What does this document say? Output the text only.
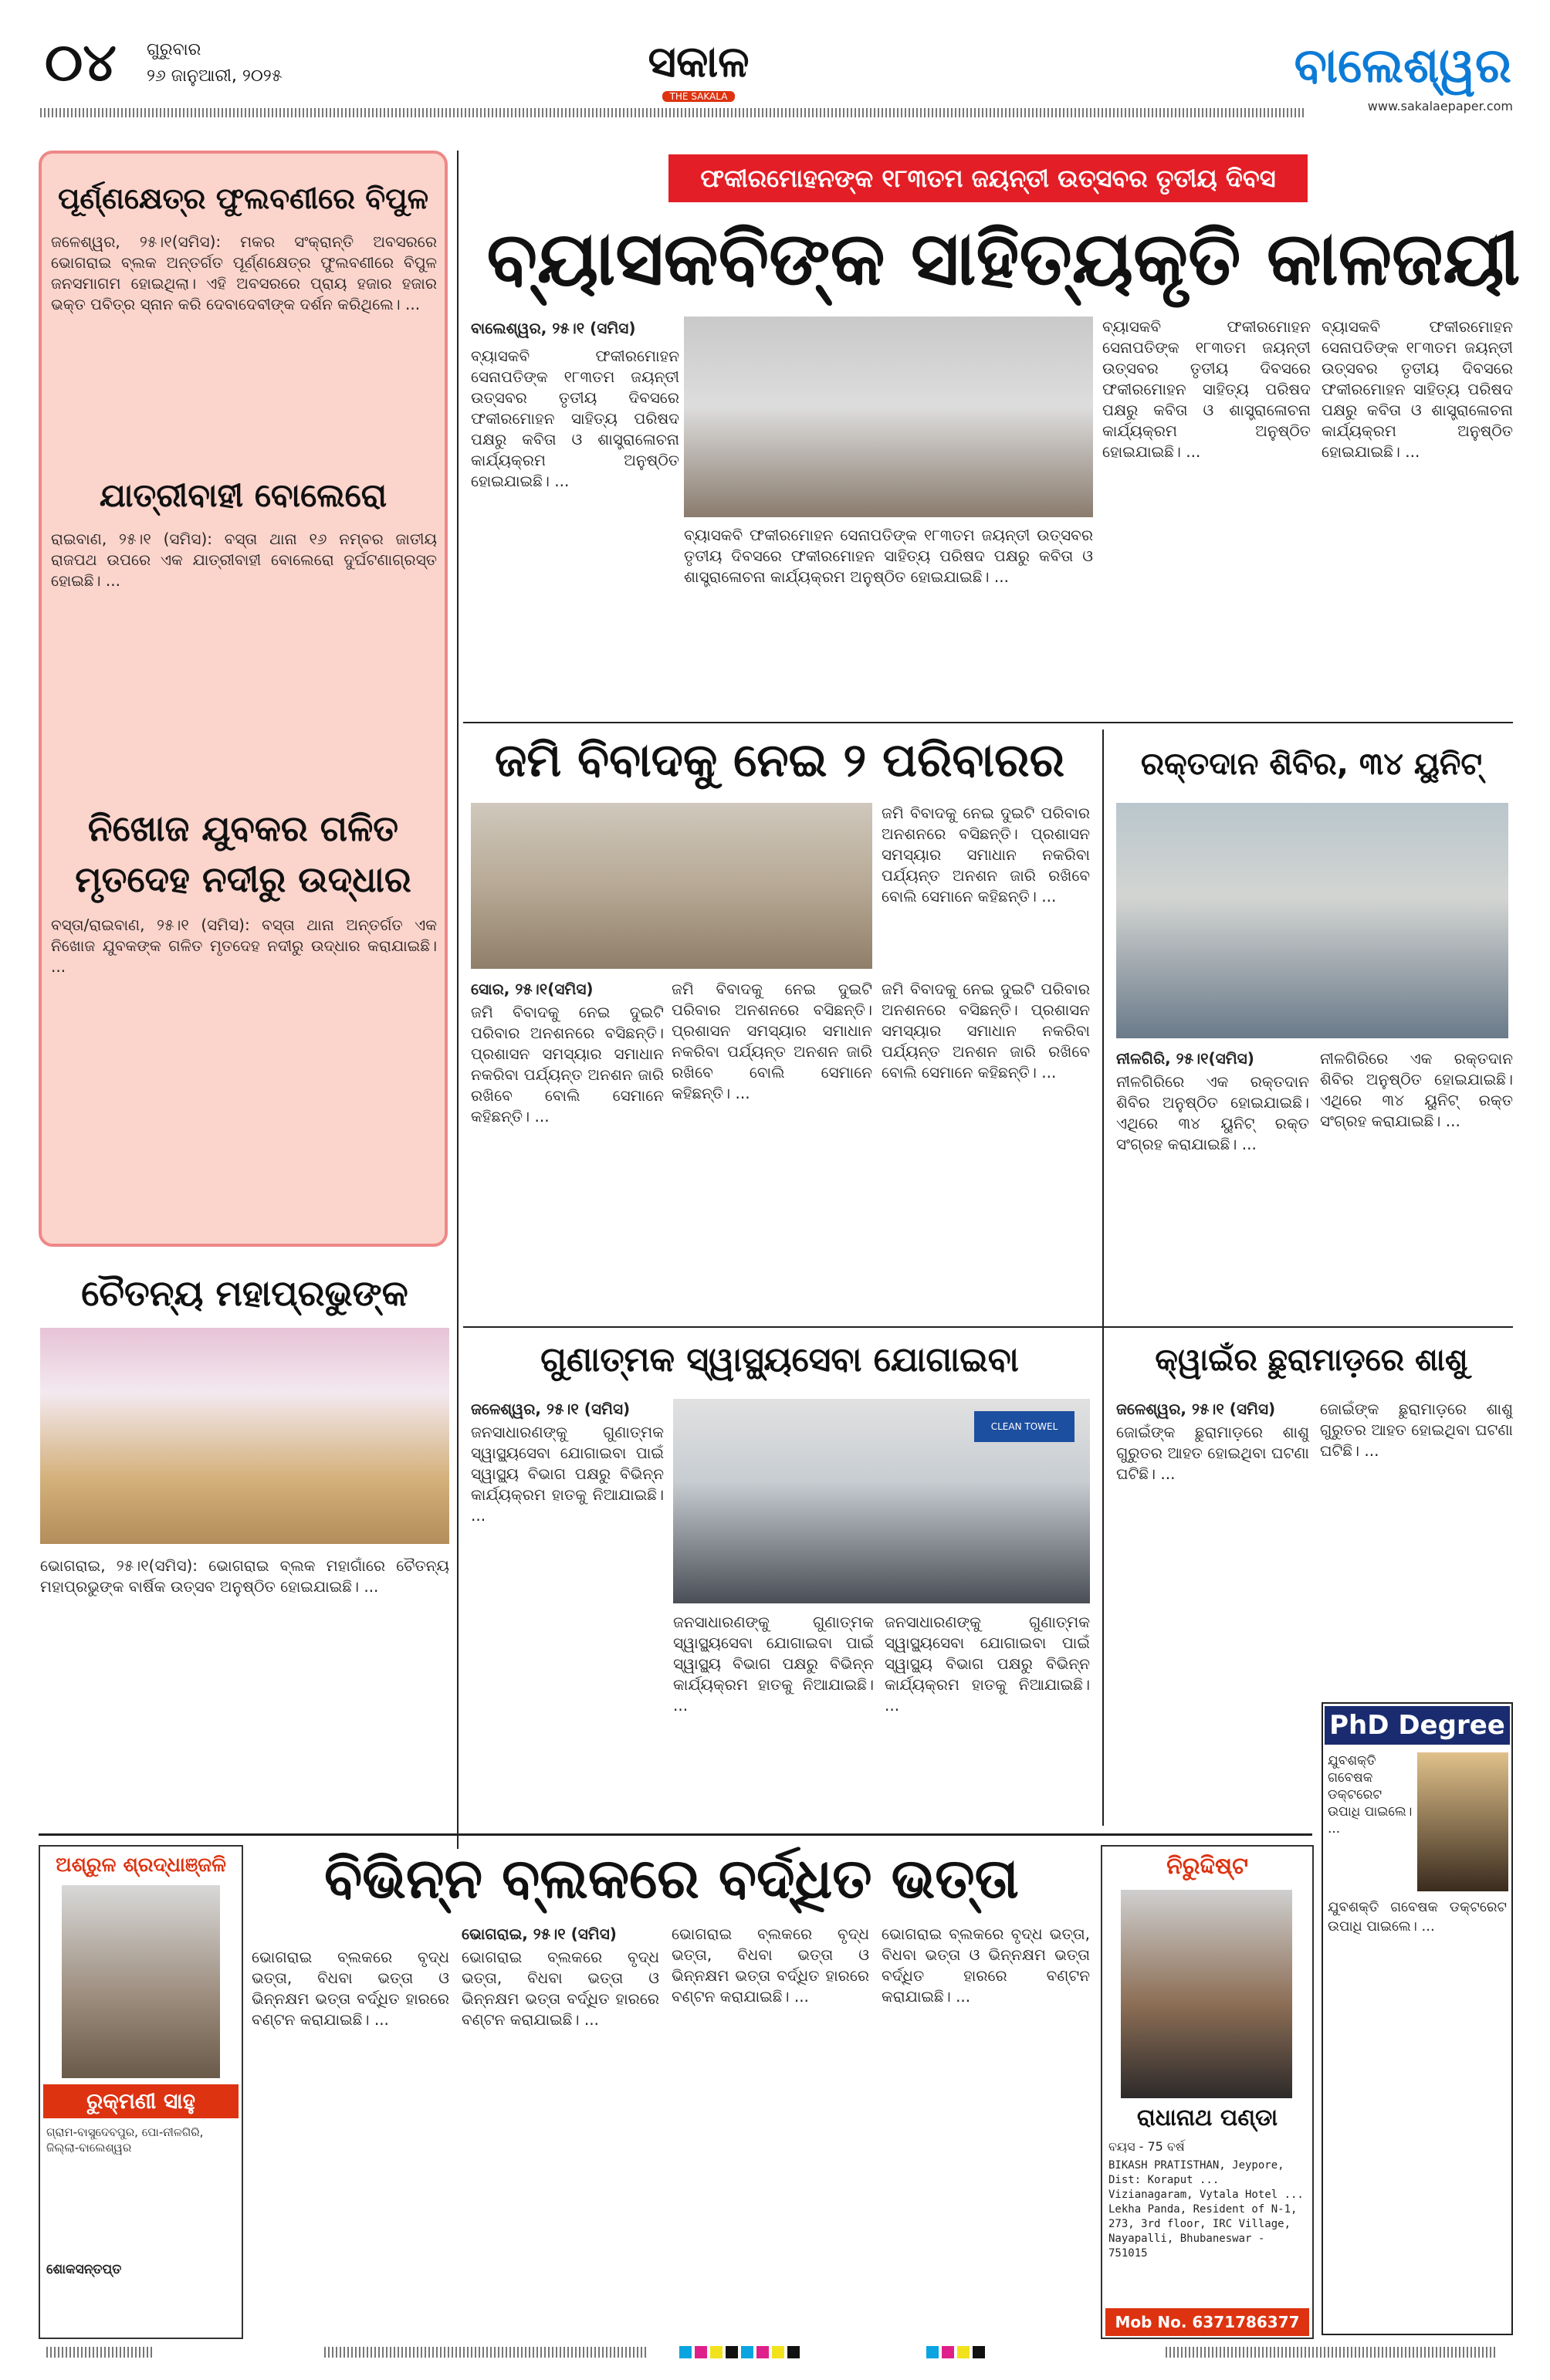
୦୪	ଗୁରୁବାର
୨୬ ଜାନୁଆରୀ, ୨୦୨୫	ସକାଳ
THE SAKALA
ବାଲେଶ୍ୱର
www.sakalaepaper.com
ପୂର୍ଣ୍ଣକ୍ଷେତ୍ର ଫୁଲବଣୀରେ ବିପୁଳ
ଜଳେଶ୍ୱର, ୨୫।୧(ସମିସ): ମକର ସଂକ୍ରାନ୍ତି ଅବସରରେ ଭୋଗରାଇ ବ୍ଲକ ଅନ୍ତର୍ଗତ ପୂର୍ଣ୍ଣକ୍ଷେତ୍ର ଫୁଲବଣୀରେ ବିପୁଳ ଜନସମାଗମ ହୋଇଥିଲା। ଏହି ଅବସରରେ ପ୍ରାୟ ହଜାର ହଜାର ଭକ୍ତ ପବିତ୍ର ସ୍ନାନ କରି ଦେବାଦେବୀଙ୍କ ଦର୍ଶନ କରିଥିଲେ। ...
ଯାତ୍ରୀବାହୀ ବୋଲେରୋ
ରାଇବାଣ, ୨୫।୧ (ସମିସ): ବସ୍ତା ଥାନା ୧୬ ନମ୍ବର ଜାତୀୟ ରାଜପଥ ଉପରେ ଏକ ଯାତ୍ରୀବାହୀ ବୋଲେରୋ ଦୁର୍ଘଟଣାଗ୍ରସ୍ତ ହୋଇଛି। ...
ନିଖୋଜ ଯୁବକର ଗଳିତ
ମୃତଦେହ ନଦୀରୁ ଉଦ୍ଧାର
ବସ୍ତା/ରାଇବାଣ, ୨୫।୧ (ସମିସ): ବସ୍ତା ଥାନା ଅନ୍ତର୍ଗତ ଏକ ନିଖୋଜ ଯୁବକଙ୍କ ଗଳିତ ମୃତଦେହ ନଦୀରୁ ଉଦ୍ଧାର କରାଯାଇଛି। ...
ଚୈତନ୍ୟ ମହାପ୍ରଭୁଙ୍କ
ଭୋଗରାଇ, ୨୫।୧(ସମିସ): ଭୋଗରାଇ ବ୍ଲକ ମହାଗାଁରେ ଚୈତନ୍ୟ ମହାପ୍ରଭୁଙ୍କ ବାର୍ଷିକ ଉତ୍ସବ ଅନୁଷ୍ଠିତ ହୋଇଯାଇଛି। ...
ଫକୀରମୋହନଙ୍କ ୧୮୩ତମ ଜୟନ୍ତୀ ଉତ୍ସବର ତୃତୀୟ ଦିବସ
ବ୍ୟାସକବିଙ୍କ ସାହିତ୍ୟକୃତି କାଳଜୟୀ
ବାଲେଶ୍ୱର, ୨୫।୧ (ସମିସ)
ବ୍ୟାସକବି ଫକୀରମୋହନ ସେନାପତିଙ୍କ ୧୮୩ତମ ଜୟନ୍ତୀ ଉତ୍ସବର ତୃତୀୟ ଦିବସରେ ଫକୀରମୋହନ ସାହିତ୍ୟ ପରିଷଦ ପକ୍ଷରୁ କବିତା ଓ ଶାସ୍ତ୍ରାଳୋଚନା କାର୍ଯ୍ୟକ୍ରମ ଅନୁଷ୍ଠିତ ହୋଇଯାଇଛି। ...
ବ୍ୟାସକବି ଫକୀରମୋହନ ସେନାପତିଙ୍କ ୧୮୩ତମ ଜୟନ୍ତୀ ଉତ୍ସବର ତୃତୀୟ ଦିବସରେ ଫକୀରମୋହନ ସାହିତ୍ୟ ପରିଷଦ ପକ୍ଷରୁ କବିତା ଓ ଶାସ୍ତ୍ରାଳୋଚନା କାର୍ଯ୍ୟକ୍ରମ ଅନୁଷ୍ଠିତ ହୋଇଯାଇଛି। ...
ବ୍ୟାସକବି ଫକୀରମୋହନ ସେନାପତିଙ୍କ ୧୮୩ତମ ଜୟନ୍ତୀ ଉତ୍ସବର ତୃତୀୟ ଦିବସରେ ଫକୀରମୋହନ ସାହିତ୍ୟ ପରିଷଦ ପକ୍ଷରୁ କବିତା ଓ ଶାସ୍ତ୍ରାଳୋଚନା କାର୍ଯ୍ୟକ୍ରମ ଅନୁଷ୍ଠିତ ହୋଇଯାଇଛି। ...
ବ୍ୟାସକବି ଫକୀରମୋହନ ସେନାପତିଙ୍କ ୧୮୩ତମ ଜୟନ୍ତୀ ଉତ୍ସବର ତୃତୀୟ ଦିବସରେ ଫକୀରମୋହନ ସାହିତ୍ୟ ପରିଷଦ ପକ୍ଷରୁ କବିତା ଓ ଶାସ୍ତ୍ରାଳୋଚନା କାର୍ଯ୍ୟକ୍ରମ ଅନୁଷ୍ଠିତ ହୋଇଯାଇଛି। ...
ଜମି ବିବାଦକୁ ନେଇ ୨ ପରିବାରର
ଜମି ବିବାଦକୁ ନେଇ ଦୁଇଟି ପରିବାର ଅନଶନରେ ବସିଛନ୍ତି। ପ୍ରଶାସନ ସମସ୍ୟାର ସମାଧାନ ନକରିବା ପର୍ଯ୍ୟନ୍ତ ଅନଶନ ଜାରି ରଖିବେ ବୋଲି ସେମାନେ କହିଛନ୍ତି। ...
ସୋର, ୨୫।୧(ସମିସ)
ଜମି ବିବାଦକୁ ନେଇ ଦୁଇଟି ପରିବାର ଅନଶନରେ ବସିଛନ୍ତି। ପ୍ରଶାସନ ସମସ୍ୟାର ସମାଧାନ ନକରିବା ପର୍ଯ୍ୟନ୍ତ ଅନଶନ ଜାରି ରଖିବେ ବୋଲି ସେମାନେ କହିଛନ୍ତି। ...
ଜମି ବିବାଦକୁ ନେଇ ଦୁଇଟି ପରିବାର ଅନଶନରେ ବସିଛନ୍ତି। ପ୍ରଶାସନ ସମସ୍ୟାର ସମାଧାନ ନକରିବା ପର୍ଯ୍ୟନ୍ତ ଅନଶନ ଜାରି ରଖିବେ ବୋଲି ସେମାନେ କହିଛନ୍ତି। ...
ଜମି ବିବାଦକୁ ନେଇ ଦୁଇଟି ପରିବାର ଅନଶନରେ ବସିଛନ୍ତି। ପ୍ରଶାସନ ସମସ୍ୟାର ସମାଧାନ ନକରିବା ପର୍ଯ୍ୟନ୍ତ ଅନଶନ ଜାରି ରଖିବେ ବୋଲି ସେମାନେ କହିଛନ୍ତି। ...
ରକ୍ତଦାନ ଶିବିର, ୩୪ ୟୁନିଟ୍
ନୀଳଗିରି, ୨୫।୧(ସମିସ)
ନୀଳଗିରିରେ ଏକ ରକ୍ତଦାନ ଶିବିର ଅନୁଷ୍ଠିତ ହୋଇଯାଇଛି। ଏଥିରେ ୩୪ ୟୁନିଟ୍ ରକ୍ତ ସଂଗ୍ରହ କରାଯାଇଛି। ...
ନୀଳଗିରିରେ ଏକ ରକ୍ତଦାନ ଶିବିର ଅନୁଷ୍ଠିତ ହୋଇଯାଇଛି। ଏଥିରେ ୩୪ ୟୁନିଟ୍ ରକ୍ତ ସଂଗ୍ରହ କରାଯାଇଛି। ...
ଗୁଣାତ୍ମକ ସ୍ୱାସ୍ଥ୍ୟସେବା ଯୋଗାଇବା
ଜଳେଶ୍ୱର, ୨୫।୧ (ସମିସ)
ଜନସାଧାରଣଙ୍କୁ ଗୁଣାତ୍ମକ ସ୍ୱାସ୍ଥ୍ୟସେବା ଯୋଗାଇବା ପାଇଁ ସ୍ୱାସ୍ଥ୍ୟ ବିଭାଗ ପକ୍ଷରୁ ବିଭିନ୍ନ କାର୍ଯ୍ୟକ୍ରମ ହାତକୁ ନିଆଯାଇଛି। ...
CLEAN TOWEL
ଜନସାଧାରଣଙ୍କୁ ଗୁଣାତ୍ମକ ସ୍ୱାସ୍ଥ୍ୟସେବା ଯୋଗାଇବା ପାଇଁ ସ୍ୱାସ୍ଥ୍ୟ ବିଭାଗ ପକ୍ଷରୁ ବିଭିନ୍ନ କାର୍ଯ୍ୟକ୍ରମ ହାତକୁ ନିଆଯାଇଛି। ...
ଜନସାଧାରଣଙ୍କୁ ଗୁଣାତ୍ମକ ସ୍ୱାସ୍ଥ୍ୟସେବା ଯୋଗାଇବା ପାଇଁ ସ୍ୱାସ୍ଥ୍ୟ ବିଭାଗ ପକ୍ଷରୁ ବିଭିନ୍ନ କାର୍ଯ୍ୟକ୍ରମ ହାତକୁ ନିଆଯାଇଛି। ...
କ୍ୱାଇଁର ଛୁରାମାଡ଼ରେ ଶାଶୁ
ଜଳେଶ୍ୱର, ୨୫।୧ (ସମିସ)
ଜୋଇଁଙ୍କ ଛୁରାମାଡ଼ରେ ଶାଶୁ ଗୁରୁତର ଆହତ ହୋଇଥିବା ଘଟଣା ଘଟିଛି। ...
ଜୋଇଁଙ୍କ ଛୁରାମାଡ଼ରେ ଶାଶୁ ଗୁରୁତର ଆହତ ହୋଇଥିବା ଘଟଣା ଘଟିଛି। ...
PhD Degree
ଯୁବଶକ୍ତି ଗବେଷକ ଡକ୍ଟରେଟ ଉପାଧି ପାଇଲେ। ...
ଯୁବଶକ୍ତି ଗବେଷକ ଡକ୍ଟରେଟ ଉପାଧି ପାଇଲେ। ...
ଅଶ୍ରୁଳ ଶ୍ରଦ୍ଧାଞ୍ଜଳି
ରୁକ୍ମଣୀ ସାହୁ
ଗ୍ରାମ-ବାସୁଦେବପୁର, ପୋ-ନୀଳଗିରି, ଜିଲ୍ଲା-ବାଲେଶ୍ୱର
ଶୋକସନ୍ତପ୍ତ
ବିଭିନ୍ନ ବ୍ଲକରେ ବର୍ଦ୍ଧିତ ଭତ୍ତା
ଭୋଗରାଇ, ୨୫।୧ (ସମିସ)
ଭୋଗରାଇ ବ୍ଲକରେ ବୃଦ୍ଧ ଭତ୍ତା, ବିଧବା ଭତ୍ତା ଓ ଭିନ୍ନକ୍ଷମ ଭତ୍ତା ବର୍ଦ୍ଧିତ ହାରରେ ବଣ୍ଟନ କରାଯାଇଛି। ...
ଭୋଗରାଇ ବ୍ଲକରେ ବୃଦ୍ଧ ଭତ୍ତା, ବିଧବା ଭତ୍ତା ଓ ଭିନ୍ନକ୍ଷମ ଭତ୍ତା ବର୍ଦ୍ଧିତ ହାରରେ ବଣ୍ଟନ କରାଯାଇଛି। ...
ଭୋଗରାଇ ବ୍ଲକରେ ବୃଦ୍ଧ ଭତ୍ତା, ବିଧବା ଭତ୍ତା ଓ ଭିନ୍ନକ୍ଷମ ଭତ୍ତା ବର୍ଦ୍ଧିତ ହାରରେ ବଣ୍ଟନ କରାଯାଇଛି। ...
ଭୋଗରାଇ ବ୍ଲକରେ ବୃଦ୍ଧ ଭତ୍ତା, ବିଧବା ଭତ୍ତା ଓ ଭିନ୍ନକ୍ଷମ ଭତ୍ତା ବର୍ଦ୍ଧିତ ହାରରେ ବଣ୍ଟନ କରାଯାଇଛି। ...
ନିରୁଦ୍ଦିଷ୍ଟ
ରାଧାନାଥ ପଣ୍ଡା
ବୟସ - 75 ବର୍ଷ
BIKASH PRATISTHAN, Jeypore, Dist: Koraput ... Vizianagaram, Vytala Hotel ... Lekha Panda, Resident of N-1, 273, 3rd floor, IRC Village, Nayapalli, Bhubaneswar - 751015
Mob No. 6371786377
